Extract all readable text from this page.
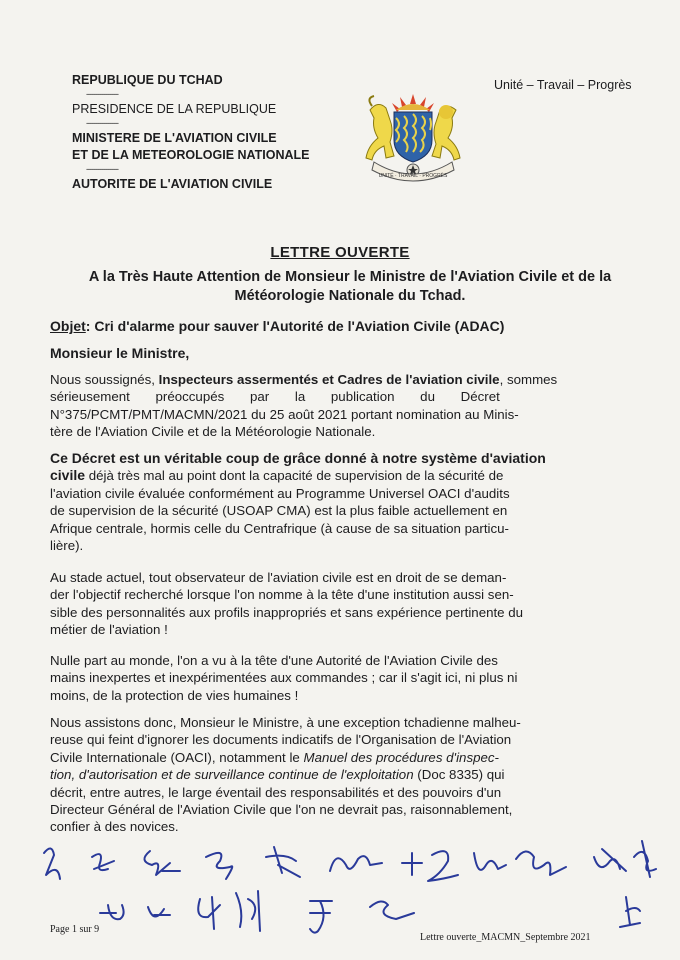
REPUBLIQUE DU TCHAD
----------------
PRESIDENCE DE LA REPUBLIQUE
----------------
MINISTERE DE L'AVIATION CIVILE
ET DE LA METEOROLOGIE NATIONALE
----------------
AUTORITE DE L'AVIATION CIVILE
Unité – Travail – Progrès
UNITÉ · TRAVAIL · PROGRÈS
LETTRE OUVERTE
A la Très Haute Attention de Monsieur le Ministre de l'Aviation Civile et de la Météorologie Nationale du Tchad.
Objet: Cri d'alarme pour sauver l'Autorité de l'Aviation Civile (ADAC)
Monsieur le Ministre,
Nous soussignés, Inspecteurs assermentés et Cadres de l'aviation civile, sommes
sérieusement préoccupés par la publication du Décret
N°375/PCMT/PMT/MACMN/2021 du 25 août 2021 portant nomination au Minis-
tère de l'Aviation Civile et de la Météorologie Nationale.
Ce Décret est un véritable coup de grâce donné à notre système d'aviation
civile déjà très mal au point dont la capacité de supervision de la sécurité de
l'aviation civile évaluée conformément au Programme Universel OACI d'audits
de supervision de la sécurité (USOAP CMA) est la plus faible actuellement en
Afrique centrale, hormis celle du Centrafrique (à cause de sa situation particu-
lière).
Au stade actuel, tout observateur de l'aviation civile est en droit de se deman-
der l'objectif recherché lorsque l'on nomme à la tête d'une institution aussi sen-
sible des personnalités aux profils inappropriés et sans expérience pertinente du
métier de l'aviation !
Nulle part au monde, l'on a vu à la tête d'une Autorité de l'Aviation Civile des
mains inexpertes et inexpérimentées aux commandes ; car il s'agit ici, ni plus ni
moins, de la protection de vies humaines !
Nous assistons donc, Monsieur le Ministre, à une exception tchadienne malheu-
reuse qui feint d'ignorer les documents indicatifs de l'Organisation de l'Aviation
Civile Internationale (OACI), notamment le Manuel des procédures d'inspec-
tion, d'autorisation et de surveillance continue de l'exploitation (Doc 8335) qui
décrit, entre autres, le large éventail des responsabilités et des pouvoirs d'un
Directeur Général de l'Aviation Civile que l'on ne devrait pas, raisonnablement,
confier à des novices.
Page 1 sur 9
Lettre ouverte_MACMN_Septembre 2021
